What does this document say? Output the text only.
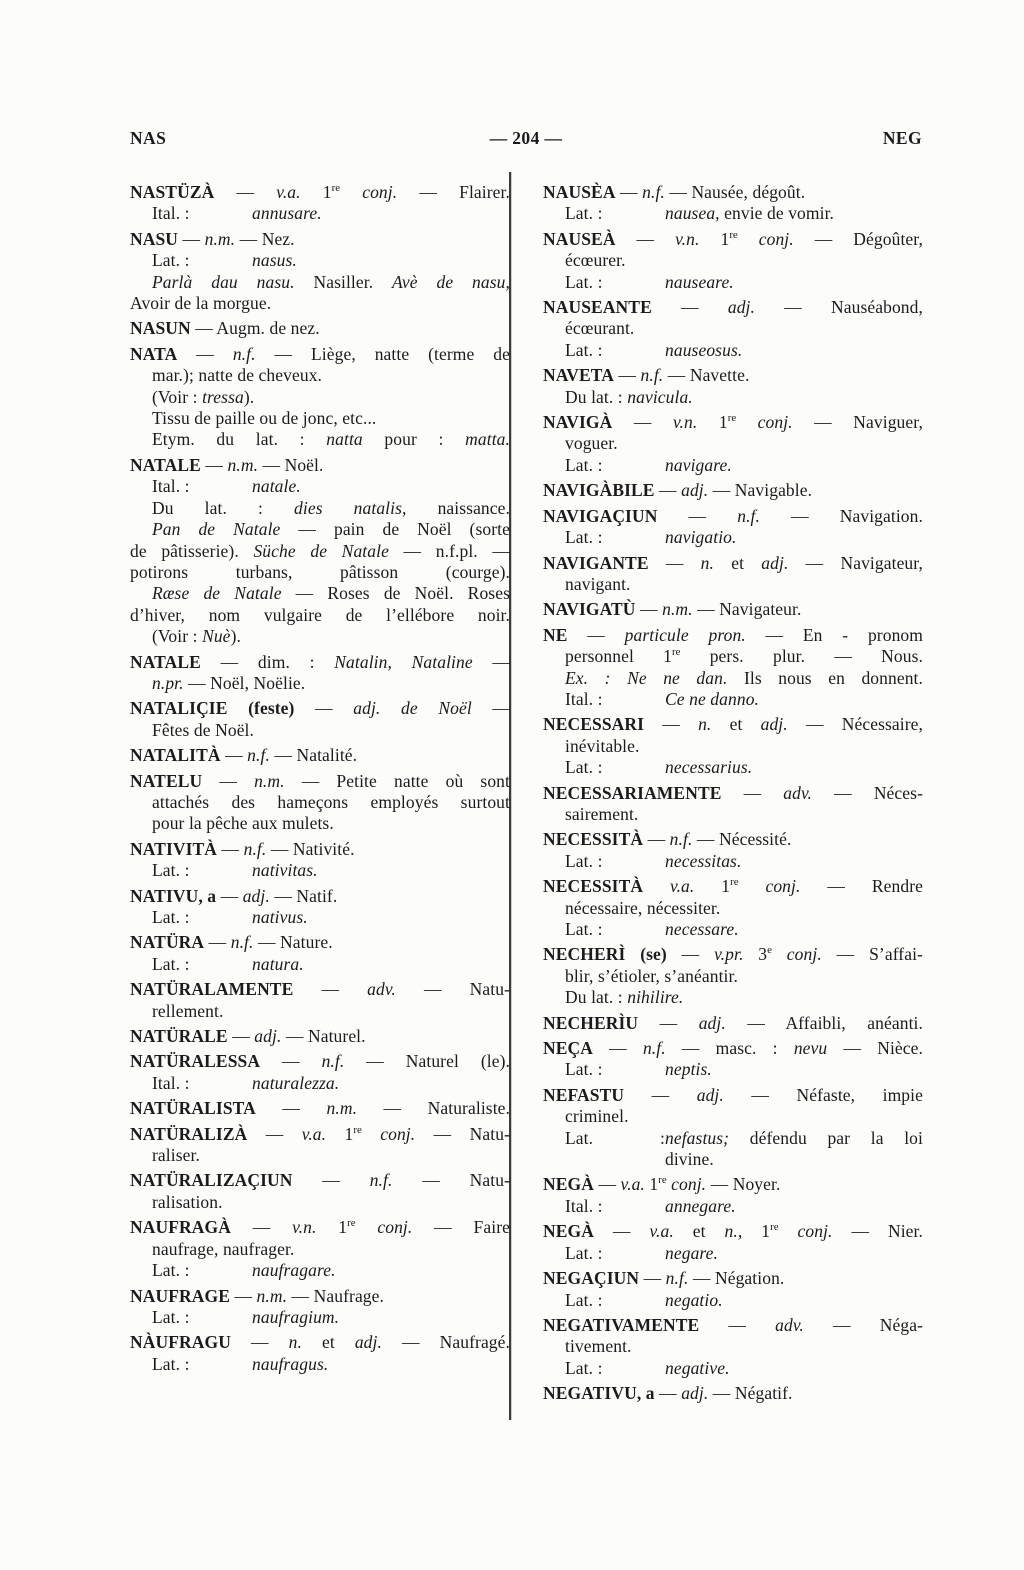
— 204 —
NAS	NEG
NASTÜZÀ — v.a. 1re conj. — Flairer.
Ital. :	annusare.
NASU — n.m. — Nez.
Lat. :	nasus.
Parlà dau nasu. Nasiller. Avè de nasu,
Avoir de la morgue.
NASUN — Augm. de nez.
NATA — n.f. — Liège, natte (terme de
mar.); natte de cheveux.
(Voir : tressa).
Tissu de paille ou de jonc, etc...
Etym. du lat. : natta pour : matta.
NATALE — n.m. — Noël.
Ital. :	natale.
Du lat. : dies natalis, naissance.
Pan de Natale — pain de Noël (sorte
de pâtisserie). Süche de Natale — n.f.pl. —
potirons turbans, pâtisson (courge).
Ræse de Natale — Roses de Noël. Roses
d’hiver, nom vulgaire de l’ellébore noir.
(Voir : Nuè).
NATALE — dim. : Natalin, Nataline —
n.pr. — Noël, Noëlie.
NATALIÇIE (feste) — adj. de Noël —
Fêtes de Noël.
NATALITÀ — n.f. — Natalité.
NATELU — n.m. — Petite natte où sont
attachés des hameçons employés surtout
pour la pêche aux mulets.
NATIVITÀ — n.f. — Nativité.
Lat. :	nativitas.
NATIVU, a — adj. — Natif.
Lat. :	nativus.
NATÜRA — n.f. — Nature.
Lat. :	natura.
NATÜRALAMENTE — adv. — Natu-
rellement.
NATÜRALE — adj. — Naturel.
NATÜRALESSA — n.f. — Naturel (le).
Ital. :	naturalezza.
NATÜRALISTA — n.m. — Naturaliste.
NATÜRALIZÀ — v.a. 1re conj. — Natu-
raliser.
NATÜRALIZAÇIUN — n.f. — Natu-
ralisation.
NAUFRAGÀ — v.n. 1re conj. — Faire
naufrage, naufrager.
Lat. :	naufragare.
NAUFRAGE — n.m. — Naufrage.
Lat. :	naufragium.
NÀUFRAGU — n. et adj. — Naufragé.
Lat. :	naufragus.
NAUSÈA — n.f. — Nausée, dégoût.
Lat. :	nausea, envie de vomir.
NAUSEÀ — v.n. 1re conj. — Dégoûter,
écœurer.
Lat. :	nauseare.
NAUSEANTE — adj. — Nauséabond,
écœurant.
Lat. :	nauseosus.
NAVETA — n.f. — Navette.
Du lat. : navicula.
NAVIGÀ — v.n. 1re conj. — Naviguer,
voguer.
Lat. :	navigare.
NAVIGÀBILE — adj. — Navigable.
NAVIGAÇIUN — n.f. — Navigation.
Lat. :	navigatio.
NAVIGANTE — n. et adj. — Navigateur,
navigant.
NAVIGATÙ — n.m. — Navigateur.
NE — particule pron. — En - pronom
personnel 1re pers. plur. — Nous.
Ex. : Ne ne dan. Ils nous en donnent.
Ital. :	Ce ne danno.
NECESSARI — n. et adj. — Nécessaire,
inévitable.
Lat. :	necessarius.
NECESSARIAMENTE — adv. — Néces-
sairement.
NECESSITÀ — n.f. — Nécessité.
Lat. :	necessitas.
NECESSITÀ v.a. 1re conj. — Rendre
nécessaire, nécessiter.
Lat. :	necessare.
NECHERÌ (se) — v.pr. 3e conj. — S’affai-
blir, s’étioler, s’anéantir.
Du lat. : nihilire.
NECHERÌU — adj. — Affaibli, anéanti.
NEÇA — n.f. — masc. : nevu — Nièce.
Lat. :	neptis.
NEFASTU — adj. — Néfaste, impie
criminel.
Lat. :nefastus; défendu par la loi
divine.
NEGÀ — v.a. 1re conj. — Noyer.
Ital. :	annegare.
NEGÀ — v.a. et n., 1re conj. — Nier.
Lat. :	negare.
NEGAÇIUN — n.f. — Négation.
Lat. :	negatio.
NEGATIVAMENTE — adv. — Néga-
tivement.
Lat. :	negative.
NEGATIVU, a — adj. — Négatif.
